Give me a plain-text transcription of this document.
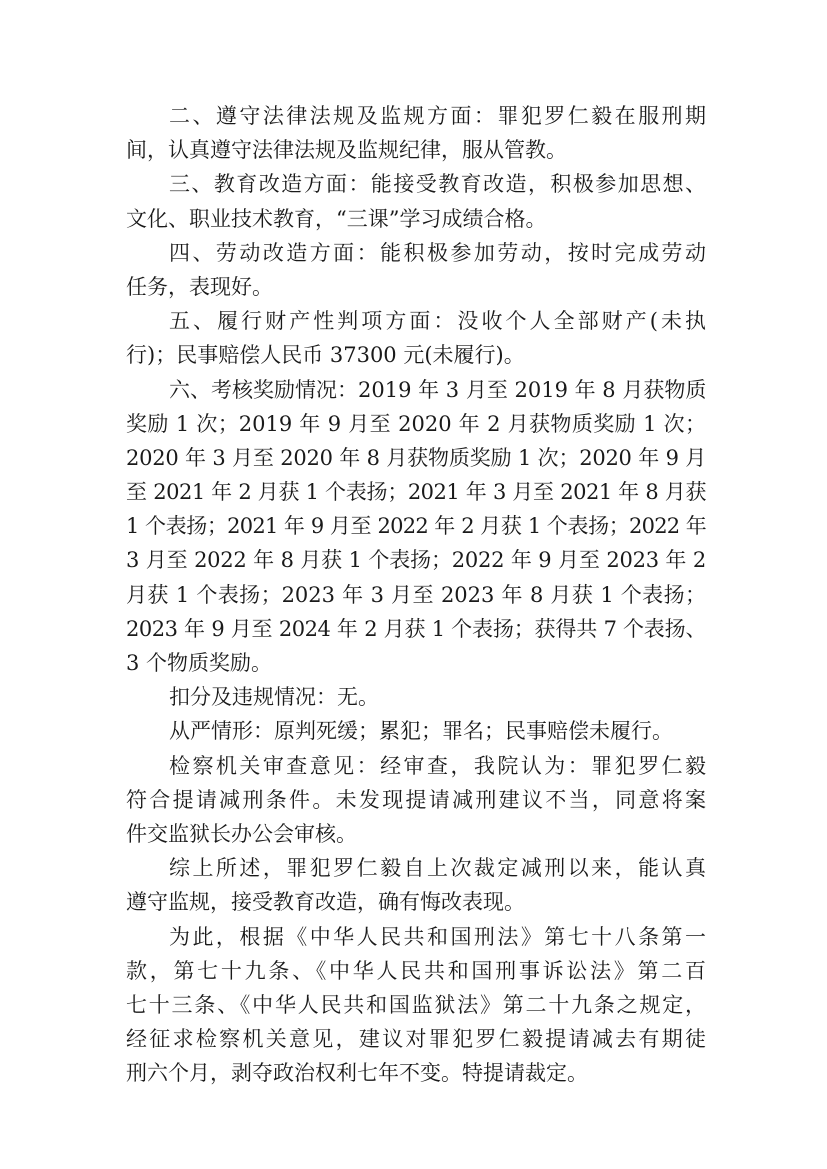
二、遵守法律法规及监规方面：罪犯罗仁毅在服刑期
间，认真遵守法律法规及监规纪律，服从管教。
三、教育改造方面：能接受教育改造，积极参加思想、
文化、职业技术教育，“三课”学习成绩合格。
四、劳动改造方面：能积极参加劳动，按时完成劳动
任务，表现好。
五、履行财产性判项方面：没收个人全部财产(未执
行)；民事赔偿人民币 37300 元(未履行)。
六、考核奖励情况：2019 年 3 月至 2019 年 8 月获物质
奖励 1 次；2019 年 9 月至 2020 年 2 月获物质奖励 1 次；
2020 年 3 月至 2020 年 8 月获物质奖励 1 次；2020 年 9 月
至 2021 年 2 月获 1 个表扬；2021 年 3 月至 2021 年 8 月获
1 个表扬；2021 年 9 月至 2022 年 2 月获 1 个表扬；2022 年
3 月至 2022 年 8 月获 1 个表扬；2022 年 9 月至 2023 年 2
月获 1 个表扬；2023 年 3 月至 2023 年 8 月获 1 个表扬；
2023 年 9 月至 2024 年 2 月获 1 个表扬；获得共 7 个表扬、
3 个物质奖励。
扣分及违规情况：无。
从严情形：原判死缓；累犯；罪名；民事赔偿未履行。
检察机关审查意见：经审查，我院认为：罪犯罗仁毅
符合提请减刑条件。未发现提请减刑建议不当，同意将案
件交监狱长办公会审核。
综上所述，罪犯罗仁毅自上次裁定减刑以来，能认真
遵守监规，接受教育改造，确有悔改表现。
为此，根据《中华人民共和国刑法》第七十八条第一
款，第七十九条、《中华人民共和国刑事诉讼法》第二百
七十三条、《中华人民共和国监狱法》第二十九条之规定，
经征求检察机关意见，建议对罪犯罗仁毅提请减去有期徒
刑六个月，剥夺政治权利七年不变。特提请裁定。
